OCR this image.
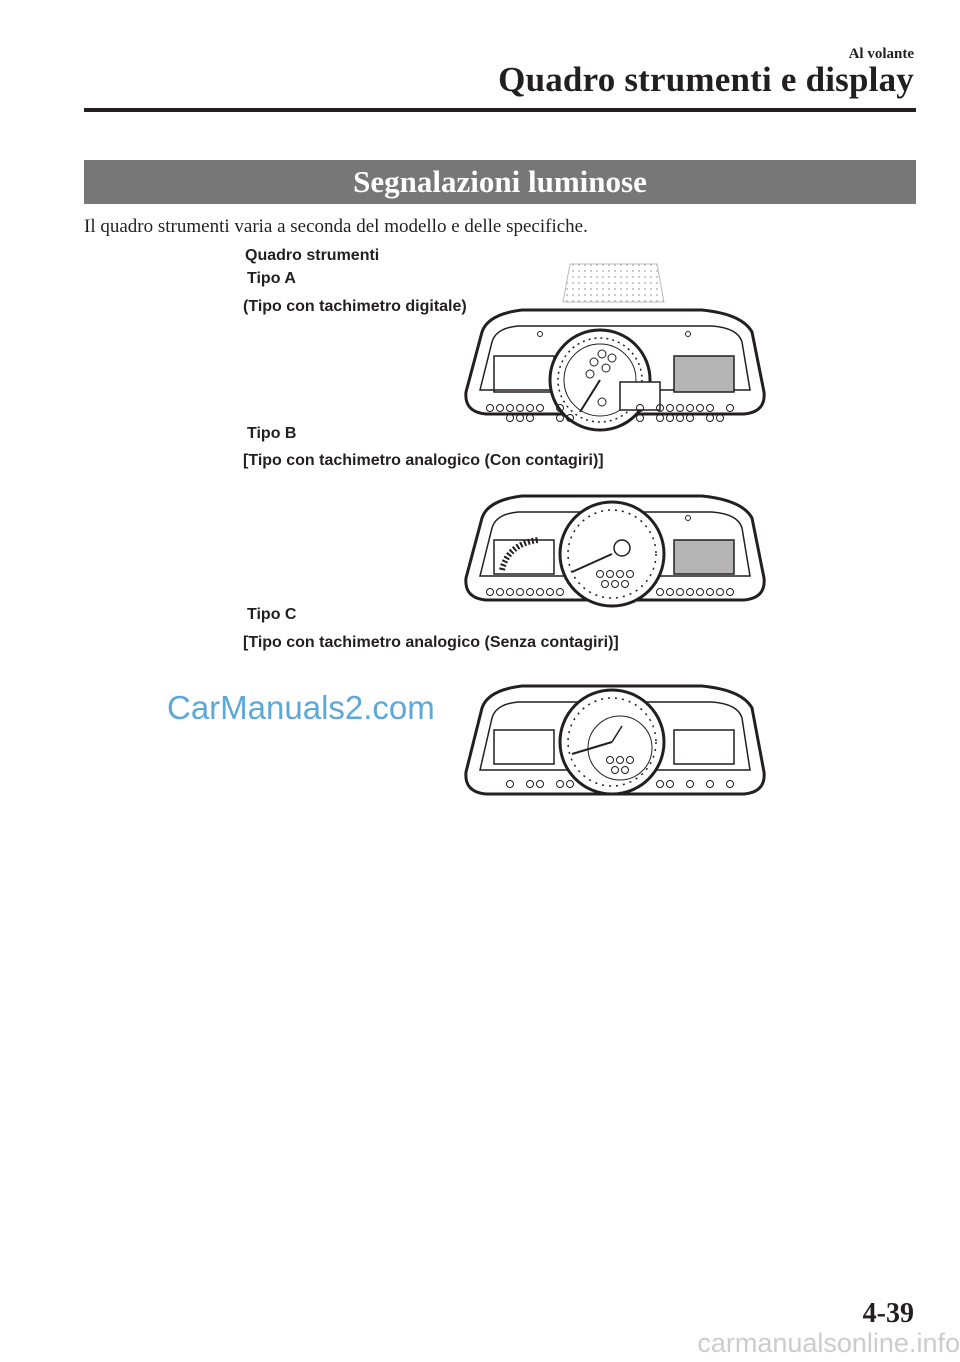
Al volante
Quadro strumenti e display
Segnalazioni luminose
Il quadro strumenti varia a seconda del modello e delle specifiche.
Quadro strumenti
Tipo A
(Tipo con tachimetro digitale)
Tipo B
[Tipo con tachimetro analogico (Con contagiri)]
Tipo C
[Tipo con tachimetro analogico (Senza contagiri)]
CarManuals2.com
4-39
carmanualsonline.info
